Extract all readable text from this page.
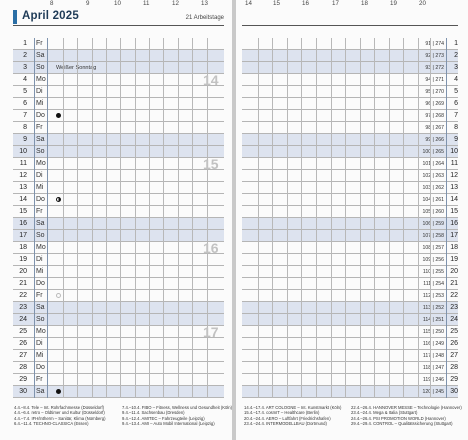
April 2025	21 Arbeitstage
8	9	10	11	12	13
1 Fr
2 Sa
3 So Weißer Sonntag
4 Mo
5 Di
6 Mi
7 Do
8 Fr
9 Sa
10 So
11 Mo
12 Di
13 Mi
14 Do
15 Fr
16 Sa
17 So
18 Mo
19 Di
20 Mi
21 Do
22 Fr
23 Sa
24 So
25 Mo
26 Di
27 Mi
28 Do
29 Fr
30 Sa
14
15
16
17
4.4.–8.4. Tele – Int. Rohrfachmesse (Düsseldorf)
4.4.–6.4. retro – Oldtimer und Kultur (Düsseldorf)
4.4.–7.4. IFH/Intherm – Sanitär, Klima (Nürnberg)
6.4.–11.4. TECHNO-CLASSICA (Essen)
7.4.–10.4. FIBO – Fitness, Wellness und Gesundheit (Köln)
9.4.–11.4. Sachsenbau (Dresden)
9.4.–12.4. AMITEC – Fahrzeugteile (Leipzig)
9.4.–13.4. AMI – Auto Mobil International (Leipzig)
14	15	16	17	18	19	20
91 | 274	1
92 | 273	2
93 | 272	3
94 | 271	4
95 | 270	5
96 | 269	6
97 | 268	7
98 | 267	8
99 | 266	9
100 | 265 10
101 | 264 11
102 | 263 12
103 | 262 13
104 | 261 14
105 | 260 15
106 | 259 16
107 | 258 17
108 | 257 18
109 | 256 19
110 | 255 20
111 | 254 21
112 | 253 22
113 | 252 23
114 | 251 24
115 | 250 25
116 | 249 26
117 | 248 27
118 | 247 28
119 | 246 29
120 | 245 30
14.4.–17.4. ART COLOGNE – Int. Kunstmarkt (Köln)
15.4.–17.4. cosmIT – Healthcare (Berlin)
20.4.–24.4. AERO – Luftfahrt (Friedrichshafen)
23.4.–24.4. INTERMODELLBAU (Dortmund)
22.4.–26.4. HANNOVER MESSE – Technologie (Hannover)
23.4.–24.4. Mega & Italia (Stuttgart)
24.4.–26.4. PSI PROMOTION WORLD (Hannover)
29.4.–29.4. CONTROL – Qualitätssicherung (Stuttgart)
